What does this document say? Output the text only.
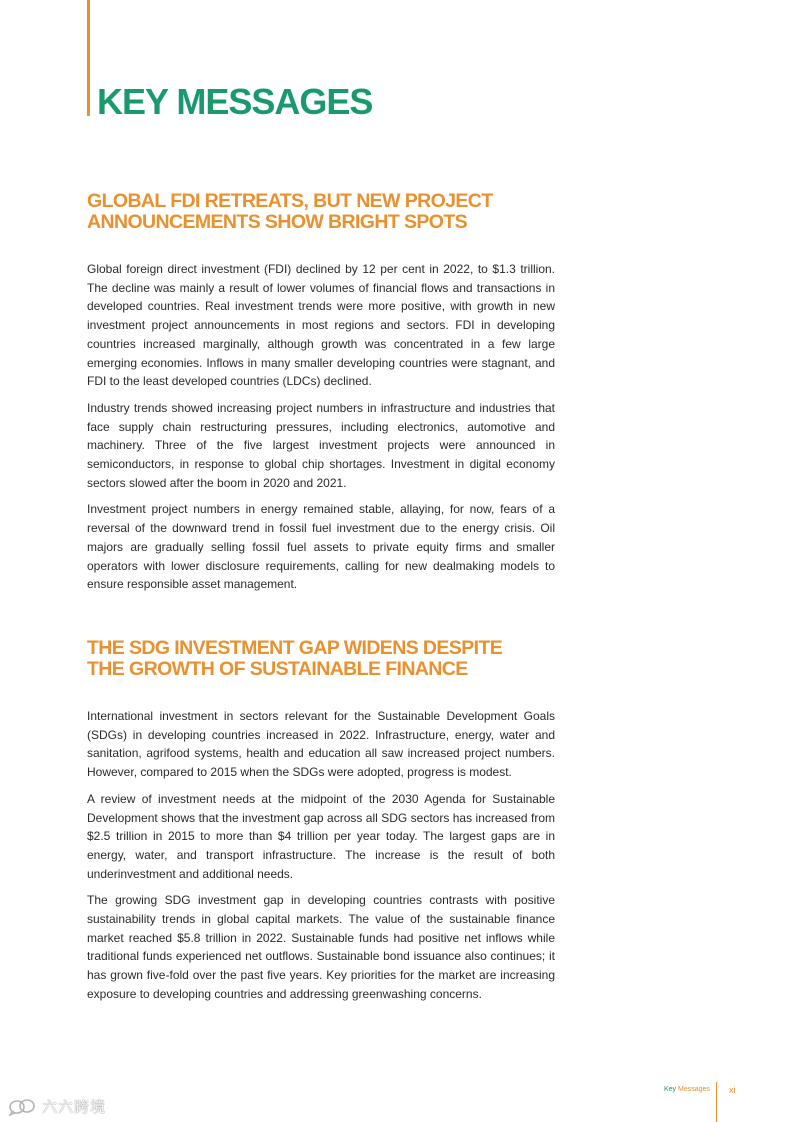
KEY MESSAGES
GLOBAL FDI RETREATS, BUT NEW PROJECT
ANNOUNCEMENTS SHOW BRIGHT SPOTS

Global foreign direct investment (FDI) declined by 12 per cent in 2022, to $1.3 trillion. The decline was mainly a result of lower volumes of financial flows and transactions in developed countries. Real investment trends were more positive, with growth in new investment project announcements in most regions and sectors. FDI in developing countries increased marginally, although growth was concentrated in a few large emerging economies. Inflows in many smaller developing countries were stagnant, and FDI to the least developed countries (LDCs) declined.

Industry trends showed increasing project numbers in infrastructure and industries that face supply chain restructuring pressures, including electronics, automotive and machinery. Three of the five largest investment projects were announced in semiconductors, in response to global chip shortages. Investment in digital economy sectors slowed after the boom in 2020 and 2021.

Investment project numbers in energy remained stable, allaying, for now, fears of a reversal of the downward trend in fossil fuel investment due to the energy crisis. Oil majors are gradually selling fossil fuel assets to private equity firms and smaller operators with lower disclosure requirements, calling for new dealmaking models to ensure responsible asset management.

THE SDG INVESTMENT GAP WIDENS DESPITE
THE GROWTH OF SUSTAINABLE FINANCE

International investment in sectors relevant for the Sustainable Development Goals (SDGs) in developing countries increased in 2022. Infrastructure, energy, water and sanitation, agrifood systems, health and education all saw increased project numbers. However, compared to 2015 when the SDGs were adopted, progress is modest.

A review of investment needs at the midpoint of the 2030 Agenda for Sustainable Development shows that the investment gap across all SDG sectors has increased from $2.5 trillion in 2015 to more than $4 trillion per year today. The largest gaps are in energy, water, and transport infrastructure. The increase is the result of both underinvestment and additional needs.

The growing SDG investment gap in developing countries contrasts with positive sustainability trends in global capital markets. The value of the sustainable finance market reached $5.8 trillion in 2022. Sustainable funds had positive net inflows while traditional funds experienced net outflows. Sustainable bond issuance also continues; it has grown five-fold over the past five years. Key priorities for the market are increasing exposure to developing countries and addressing greenwashing concerns.

Key Messages xi
六六跨境
